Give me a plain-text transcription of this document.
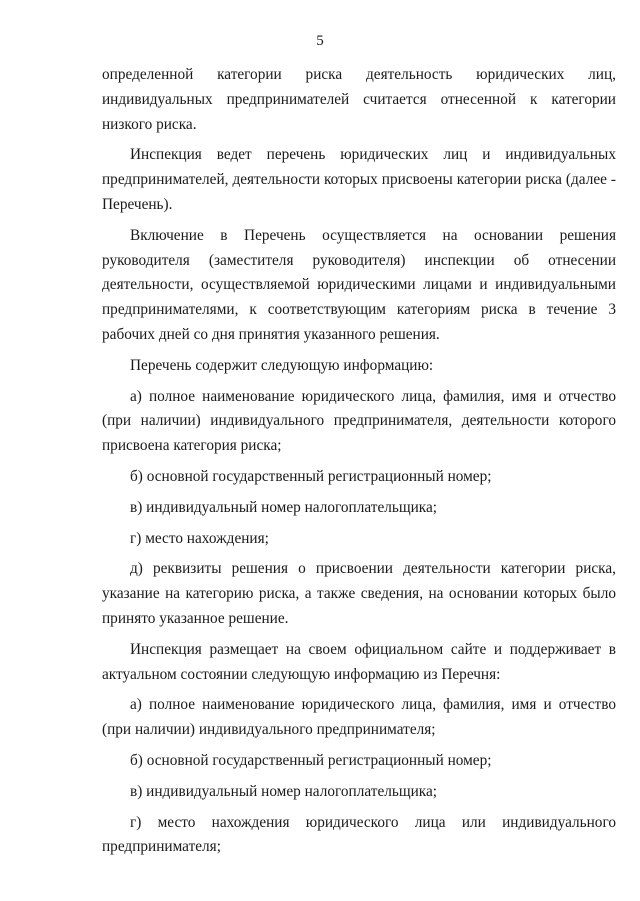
5

определенной категории риска деятельность юридических лиц, индивидуальных предпринимателей считается отнесенной к категории низкого риска.

Инспекция ведет перечень юридических лиц и индивидуальных предпринимателей, деятельности которых присвоены категории риска (далее - Перечень).

Включение в Перечень осуществляется на основании решения руководителя (заместителя руководителя) инспекции об отнесении деятельности, осуществляемой юридическими лицами и индивидуальными предпринимателями, к соответствующим категориям риска в течение 3 рабочих дней со дня принятия указанного решения.

Перечень содержит следующую информацию:

а) полное наименование юридического лица, фамилия, имя и отчество (при наличии) индивидуального предпринимателя, деятельности которого присвоена категория риска;

б) основной государственный регистрационный номер;

в) индивидуальный номер налогоплательщика;

г) место нахождения;

д) реквизиты решения о присвоении деятельности категории риска, указание на категорию риска, а также сведения, на основании которых было принято указанное решение.

Инспекция размещает на своем официальном сайте и поддерживает в актуальном состоянии следующую информацию из Перечня:

а) полное наименование юридического лица, фамилия, имя и отчество (при наличии) индивидуального предпринимателя;

б) основной государственный регистрационный номер;

в) индивидуальный номер налогоплательщика;

г) место нахождения юридического лица или индивидуального предпринимателя;
